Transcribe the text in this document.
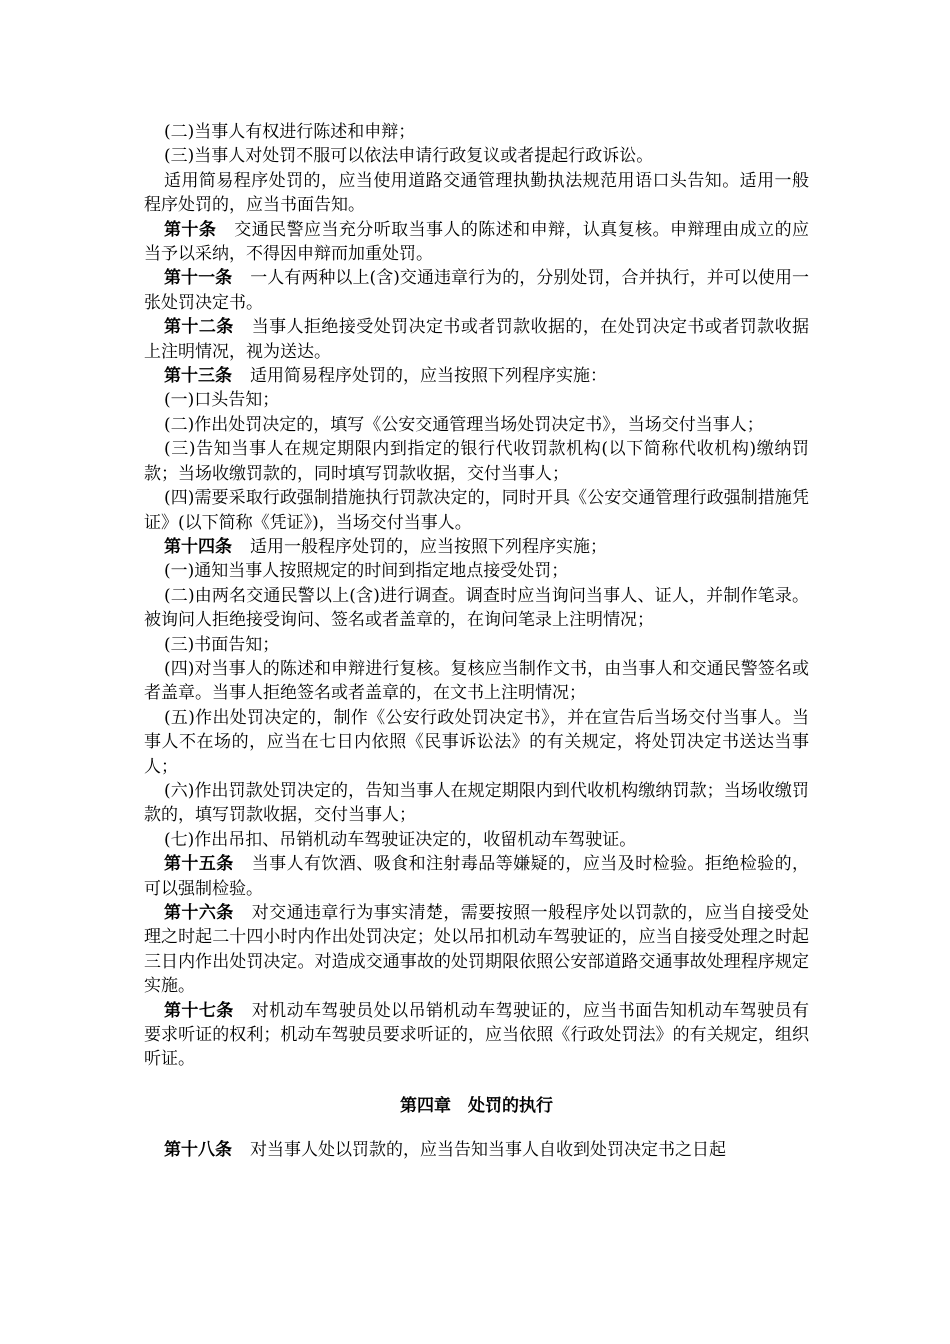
(二)当事人有权进行陈述和申辩；

(三)当事人对处罚不服可以依法申请行政复议或者提起行政诉讼。

适用简易程序处罚的，应当使用道路交通管理执勤执法规范用语口头告知。适用一般程序处罚的，应当书面告知。

第十条 交通民警应当充分听取当事人的陈述和申辩，认真复核。申辩理由成立的应当予以采纳，不得因申辩而加重处罚。

第十一条 一人有两种以上(含)交通违章行为的，分别处罚，合并执行，并可以使用一张处罚决定书。

第十二条 当事人拒绝接受处罚决定书或者罚款收据的，在处罚决定书或者罚款收据上注明情况，视为送达。

第十三条 适用简易程序处罚的，应当按照下列程序实施：

(一)口头告知；

(二)作出处罚决定的，填写《公安交通管理当场处罚决定书》，当场交付当事人；

(三)告知当事人在规定期限内到指定的银行代收罚款机构(以下简称代收机构)缴纳罚款；当场收缴罚款的，同时填写罚款收据，交付当事人；

(四)需要采取行政强制措施执行罚款决定的，同时开具《公安交通管理行政强制措施凭证》(以下简称《凭证》)，当场交付当事人。

第十四条 适用一般程序处罚的，应当按照下列程序实施；

(一)通知当事人按照规定的时间到指定地点接受处罚；

(二)由两名交通民警以上(含)进行调查。调查时应当询问当事人、证人，并制作笔录。被询问人拒绝接受询问、签名或者盖章的，在询问笔录上注明情况；

(三)书面告知；

(四)对当事人的陈述和申辩进行复核。复核应当制作文书，由当事人和交通民警签名或者盖章。当事人拒绝签名或者盖章的，在文书上注明情况；

(五)作出处罚决定的，制作《公安行政处罚决定书》，并在宣告后当场交付当事人。当事人不在场的，应当在七日内依照《民事诉讼法》的有关规定，将处罚决定书送达当事人；

(六)作出罚款处罚决定的，告知当事人在规定期限内到代收机构缴纳罚款；当场收缴罚款的，填写罚款收据，交付当事人；

(七)作出吊扣、吊销机动车驾驶证决定的，收留机动车驾驶证。

第十五条 当事人有饮酒、吸食和注射毒品等嫌疑的，应当及时检验。拒绝检验的，可以强制检验。

第十六条 对交通违章行为事实清楚，需要按照一般程序处以罚款的，应当自接受处理之时起二十四小时内作出处罚决定；处以吊扣机动车驾驶证的，应当自接受处理之时起三日内作出处罚决定。对造成交通事故的处罚期限依照公安部道路交通事故处理程序规定实施。

第十七条 对机动车驾驶员处以吊销机动车驾驶证的，应当书面告知机动车驾驶员有要求听证的权利；机动车驾驶员要求听证的，应当依照《行政处罚法》的有关规定，组织听证。

第四章　处罚的执行

第十八条 对当事人处以罚款的，应当告知当事人自收到处罚决定书之日起
